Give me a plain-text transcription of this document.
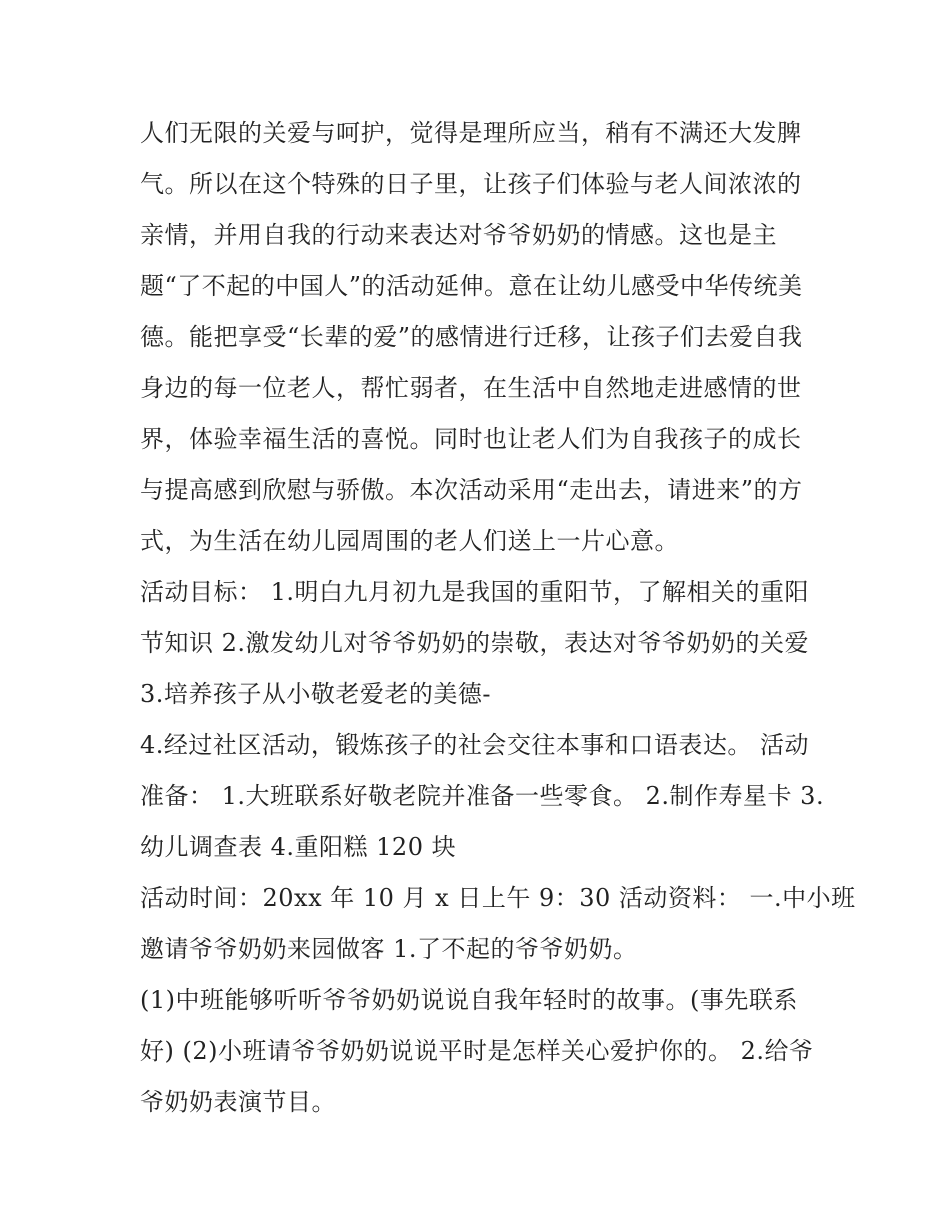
人们无限的关爱与呵护，觉得是理所应当，稍有不满还大发脾
气。所以在这个特殊的日子里，让孩子们体验与老人间浓浓的
亲情，并用自我的行动来表达对爷爷奶奶的情感。这也是主
题“了不起的中国人”的活动延伸。意在让幼儿感受中华传统美
德。能把享受“长辈的爱”的感情进行迁移，让孩子们去爱自我
身边的每一位老人，帮忙弱者，在生活中自然地走进感情的世
界，体验幸福生活的喜悦。同时也让老人们为自我孩子的成长
与提高感到欣慰与骄傲。本次活动采用“走出去，请进来”的方
式，为生活在幼儿园周围的老人们送上一片心意。
活动目标： 1.明白九月初九是我国的重阳节，了解相关的重阳
节知识 2.激发幼儿对爷爷奶奶的崇敬，表达对爷爷奶奶的关爱
3.培养孩子从小敬老爱老的美德-
4.经过社区活动，锻炼孩子的社会交往本事和口语表达。 活动
准备： 1.大班联系好敬老院并准备一些零食。 2.制作寿星卡 3.
幼儿调查表 4.重阳糕 120 块
活动时间：20xx 年 10 月 x 日上午 9：30 活动资料： 一.中小班
邀请爷爷奶奶来园做客 1.了不起的爷爷奶奶。
(1)中班能够听听爷爷奶奶说说自我年轻时的故事。(事先联系
好) (2)小班请爷爷奶奶说说平时是怎样关心爱护你的。 2.给爷
爷奶奶表演节目。
